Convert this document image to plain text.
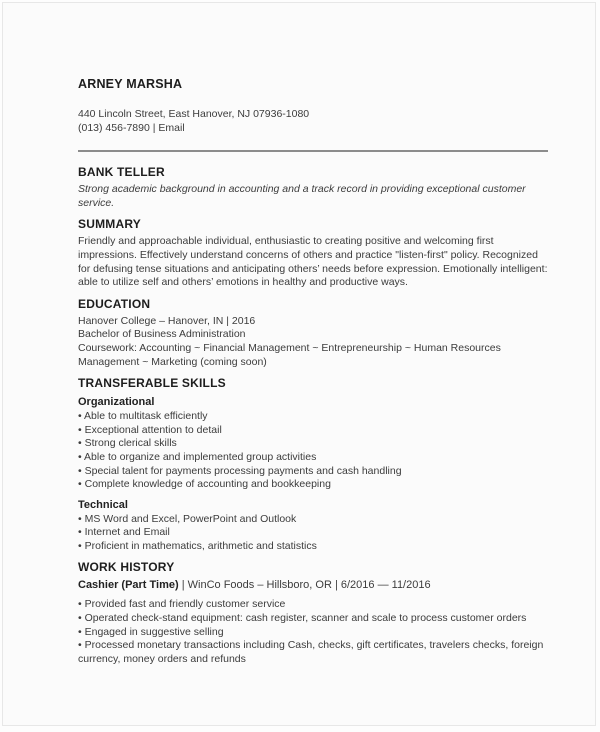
ARNEY MARSHA
440 Lincoln Street, East Hanover, NJ 07936-1080
(013) 456-7890 | Email
BANK TELLER
Strong academic background in accounting and a track record in providing exceptional customer service.
SUMMARY

Friendly and approachable individual, enthusiastic to creating positive and welcoming first impressions. Effectively understand concerns of others and practice "listen-first" policy. Recognized for defusing tense situations and anticipating others’ needs before expression. Emotionally intelligent: able to utilize self and others’ emotions in healthy and productive ways.

EDUCATION
Hanover College – Hanover, IN | 2016
Bachelor of Business Administration
Coursework: Accounting ~ Financial Management ~ Entrepreneurship ~ Human Resources Management ~ Marketing (coming soon)
TRANSFERABLE SKILLS
Organizational
• Able to multitask efficiently
• Exceptional attention to detail
• Strong clerical skills
• Able to organize and implemented group activities
• Special talent for payments processing payments and cash handling
• Complete knowledge of accounting and bookkeeping
Technical
• MS Word and Excel, PowerPoint and Outlook
• Internet and Email
• Proficient in mathematics, arithmetic and statistics
WORK HISTORY
Cashier (Part Time) | WinCo Foods – Hillsboro, OR | 6/2016 — 11/2016
• Provided fast and friendly customer service
• Operated check-stand equipment: cash register, scanner and scale to process customer orders
• Engaged in suggestive selling
• Processed monetary transactions including Cash, checks, gift certificates, travelers checks, foreign currency, money orders and refunds
